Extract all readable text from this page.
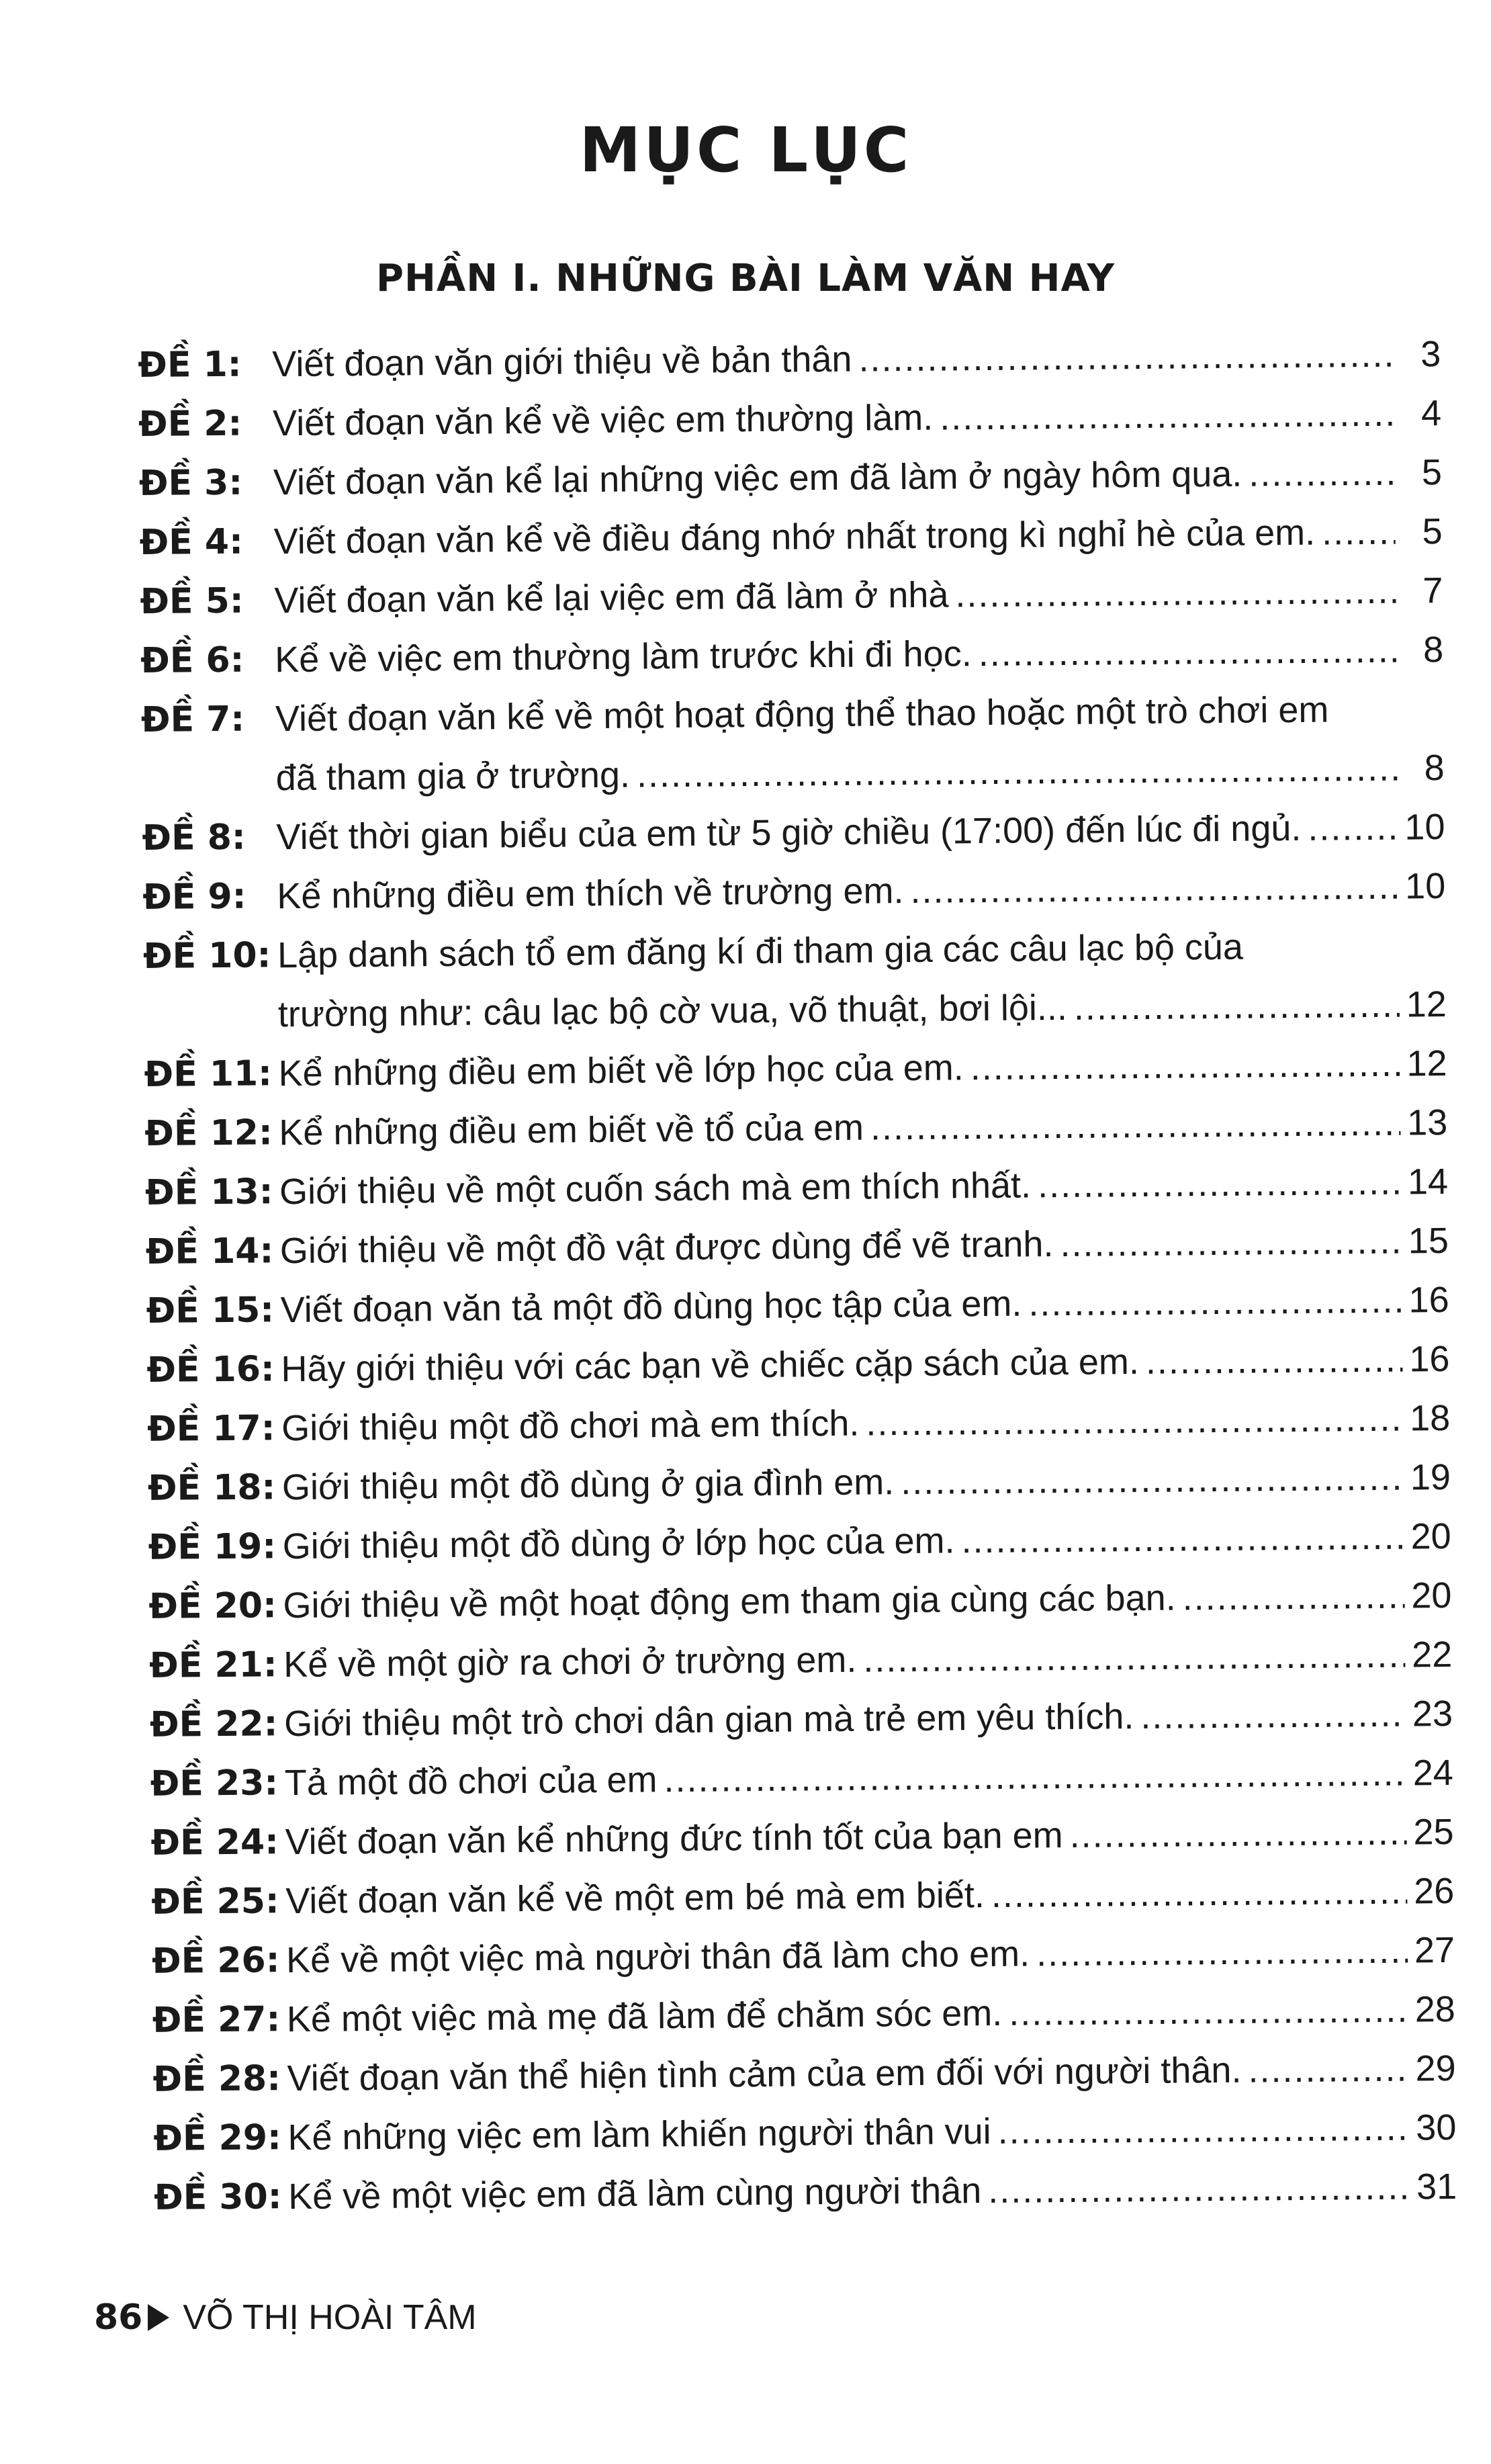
MỤC LỤC
PHẦN I. NHỮNG BÀI LÀM VĂN HAY
ĐỀ 1: Viết đoạn văn giới thiệu về bản thân .....	3
ĐỀ 2: Viết đoạn văn kể về việc em thường làm. .....	4
ĐỀ 3: Viết đoạn văn kể lại những việc em đã làm ở ngày hôm qua. .....	5
ĐỀ 4: Viết đoạn văn kể về điều đáng nhớ nhất trong kì nghỉ hè của em. .....	5
ĐỀ 5: Viết đoạn văn kể lại việc em đã làm ở nhà .....	7
ĐỀ 6: Kể về việc em thường làm trước khi đi học. .....	8
ĐỀ 7: Viết đoạn văn kể về một hoạt động thể thao hoặc một trò chơi em
đã tham gia ở trường. .....	8
ĐỀ 8: Viết thời gian biểu của em từ 5 giờ chiều (17:00) đến lúc đi ngủ. .....	10
ĐỀ 9: Kể những điều em thích về trường em. .....	10
ĐỀ 10: Lập danh sách tổ em đăng kí đi tham gia các câu lạc bộ của
trường như: câu lạc bộ cờ vua, võ thuật, bơi lội... .....	12
ĐỀ 11: Kể những điều em biết về lớp học của em. .....	12
ĐỀ 12: Kể những điều em biết về tổ của em .....	13
ĐỀ 13: Giới thiệu về một cuốn sách mà em thích nhất. .....	14
ĐỀ 14: Giới thiệu về một đồ vật được dùng để vẽ tranh. .....	15
ĐỀ 15: Viết đoạn văn tả một đồ dùng học tập của em. .....	16
ĐỀ 16: Hãy giới thiệu với các bạn về chiếc cặp sách của em. .....	16
ĐỀ 17: Giới thiệu một đồ chơi mà em thích. .....	18
ĐỀ 18: Giới thiệu một đồ dùng ở gia đình em. .....	19
ĐỀ 19: Giới thiệu một đồ dùng ở lớp học của em. .....	20
ĐỀ 20: Giới thiệu về một hoạt động em tham gia cùng các bạn. .....	20
ĐỀ 21: Kể về một giờ ra chơi ở trường em. .....	22
ĐỀ 22: Giới thiệu một trò chơi dân gian mà trẻ em yêu thích. .....	23
ĐỀ 23: Tả một đồ chơi của em .....	24
ĐỀ 24: Viết đoạn văn kể những đức tính tốt của bạn em .....	25
ĐỀ 25: Viết đoạn văn kể về một em bé mà em biết. .....	26
ĐỀ 26: Kể về một việc mà người thân đã làm cho em. .....	27
ĐỀ 27: Kể một việc mà mẹ đã làm để chăm sóc em. .....	28
ĐỀ 28: Viết đoạn văn thể hiện tình cảm của em đối với người thân. .....	29
ĐỀ 29: Kể những việc em làm khiến người thân vui .....	30
ĐỀ 30: Kể về một việc em đã làm cùng người thân .....	31
86 VÕ THỊ HOÀI TÂM
